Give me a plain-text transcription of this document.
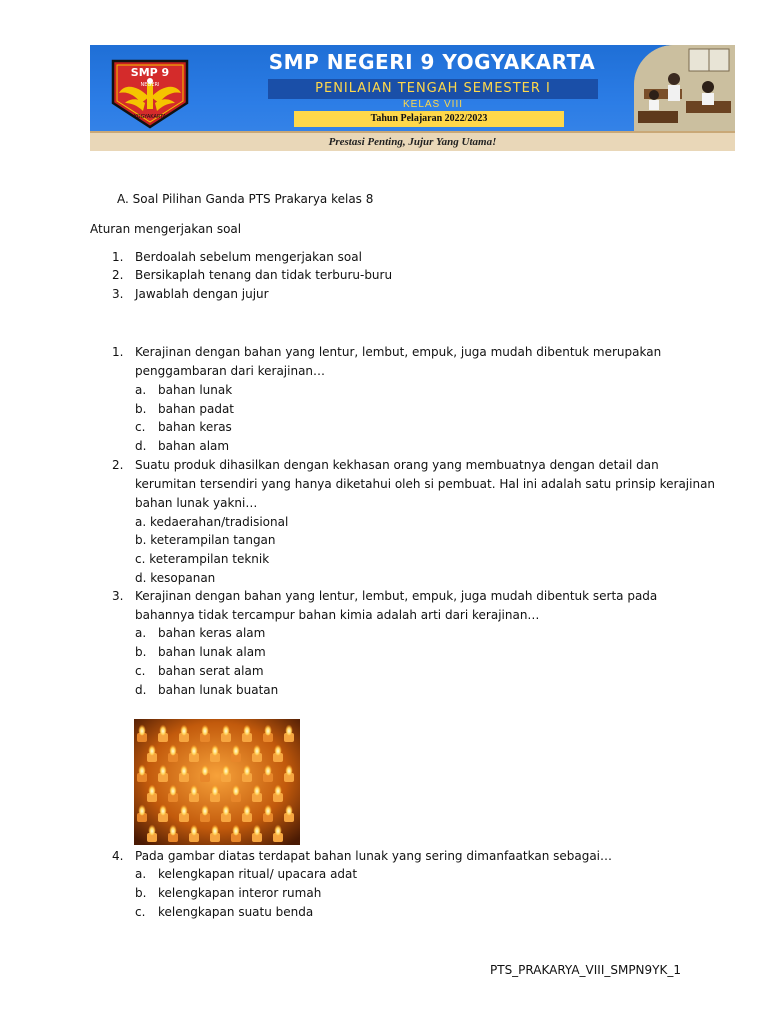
SMP 9
NEGERI
YOGYAKARTA
SMP NEGERI 9 YOGYAKARTA
PENILAIAN TENGAH SEMESTER I
KELAS VIII
Tahun Pelajaran 2022/2023
Prestasi Penting, Jujur Yang Utama!
A. Soal Pilihan Ganda PTS Prakarya kelas 8
Aturan mengerjakan soal
1. Berdoalah sebelum mengerjakan soal
2. Bersikaplah tenang dan tidak terburu-buru
3. Jawablah dengan jujur
1. Kerajinan dengan bahan yang lentur, lembut, empuk, juga mudah dibentuk merupakan
penggambaran dari kerajinan…
a. bahan lunak
b. bahan padat
c. bahan keras
d. bahan alam
2. Suatu produk dihasilkan dengan kekhasan orang yang membuatnya dengan detail dan
kerumitan tersendiri yang hanya diketahui oleh si pembuat. Hal ini adalah satu prinsip kerajinan
bahan lunak yakni…
a. kedaerahan/tradisional
b. keterampilan tangan
c. keterampilan teknik
d. kesopanan
3. Kerajinan dengan bahan yang lentur, lembut, empuk, juga mudah dibentuk serta pada
bahannya tidak tercampur bahan kimia adalah arti dari kerajinan…
a. bahan keras alam
b. bahan lunak alam
c. bahan serat alam
d. bahan lunak buatan
4. Pada gambar diatas terdapat bahan lunak yang sering dimanfaatkan sebagai…
a. kelengkapan ritual/ upacara adat
b. kelengkapan interor rumah
c. kelengkapan suatu benda
PTS_PRAKARYA_VIII_SMPN9YK_1
